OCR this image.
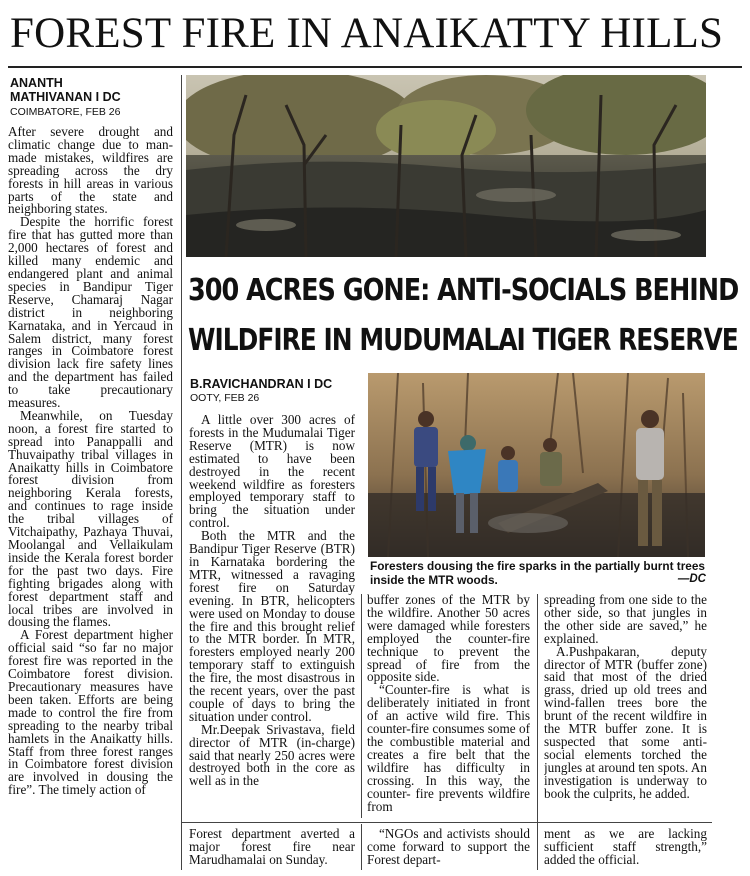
FOREST FIRE IN ANAIKATTY HILLS
ANANTH
MATHIVANAN I DC
COIMBATORE, FEB 26

After severe drought and climatic change due to man-made mistakes, wildfires are spreading across the dry forests in hill areas in various parts of the state and neighboring states.

Despite the horrific forest fire that has gutted more than 2,000 hectares of forest and killed many endemic and endangered plant and animal species in Bandipur Tiger Reserve, Chamaraj Nagar district in neighboring Karnataka, and in Yercaud in Salem district, many forest ranges in Coimbatore forest division lack fire safety lines and the department has failed to take precautionary measures.

Meanwhile, on Tuesday noon, a forest fire started to spread into Panappalli and Thuvaipathy tribal villages in Anaikatty hills in Coimbatore forest division from neighboring Kerala forests, and continues to rage inside the tribal villages of Vitchaipathy, Pazhaya Thuvai, Moolangal and Vellaikulam inside the Kerala forest border for the past two days. Fire fighting brigades along with forest department staff and local tribes are involved in dousing the flames.

A Forest department higher official said “so far no major forest fire was reported in the Coimbatore forest division. Precautionary measures have been taken. Efforts are being made to control the fire from spreading to the nearby tribal hamlets in the Anaikatty hills. Staff from three forest ranges in Coimbatore forest division are involved in dousing the fire”. The timely action of

300 ACRES GONE: ANTI-SOCIALS BEHIND
WILDFIRE IN MUDUMALAI TIGER RESERVE
B.RAVICHANDRAN I DC
OOTY, FEB 26

A little over 300 acres of forests in the Mudumalai Tiger Reserve (MTR) is now estimated to have been destroyed in the recent weekend wildfire as foresters employed temporary staff to bring the situation under control.

Both the MTR and the Bandipur Tiger Reserve (BTR) in Karnataka bordering the MTR, witnessed a ravaging forest fire on Saturday evening. In BTR, helicopters were used on Monday to douse the fire and this brought relief to the MTR border. In MTR, foresters employed nearly 200 temporary staff to extinguish the fire, the most disastrous in the recent years, over the past couple of days to bring the situation under control.

Mr.Deepak Srivastava, field director of MTR (in-charge) said that nearly 250 acres were destroyed both in the core as well as in the

Foresters dousing the fire sparks in the partially burnt trees inside the MTR woods.	—DC

buffer zones of the MTR by the wildfire. Another 50 acres were damaged while foresters employed the counter-fire technique to prevent the spread of fire from the opposite side.

“Counter-fire is what is deliberately initiated in front of an active wild fire. This counter-fire consumes some of the combustible material and creates a fire belt that the wildfire has difficulty in crossing. In this way, the counter- fire prevents wildfire from

spreading from one side to the other side, so that jungles in the other side are saved,” he explained.

A.Pushpakaran, deputy director of MTR (buffer zone) said that most of the dried grass, dried up old trees and wind-fallen trees bore the brunt of the recent wildfire in the MTR buffer zone. It is suspected that some anti-social elements torched the jungles at around ten spots. An investigation is underway to book the culprits, he added.

Forest department averted a major forest fire near Marudhamalai on Sunday.

“NGOs and activists should come forward to support the Forest depart-

ment as we are lacking sufficient staff strength,” added the official.
